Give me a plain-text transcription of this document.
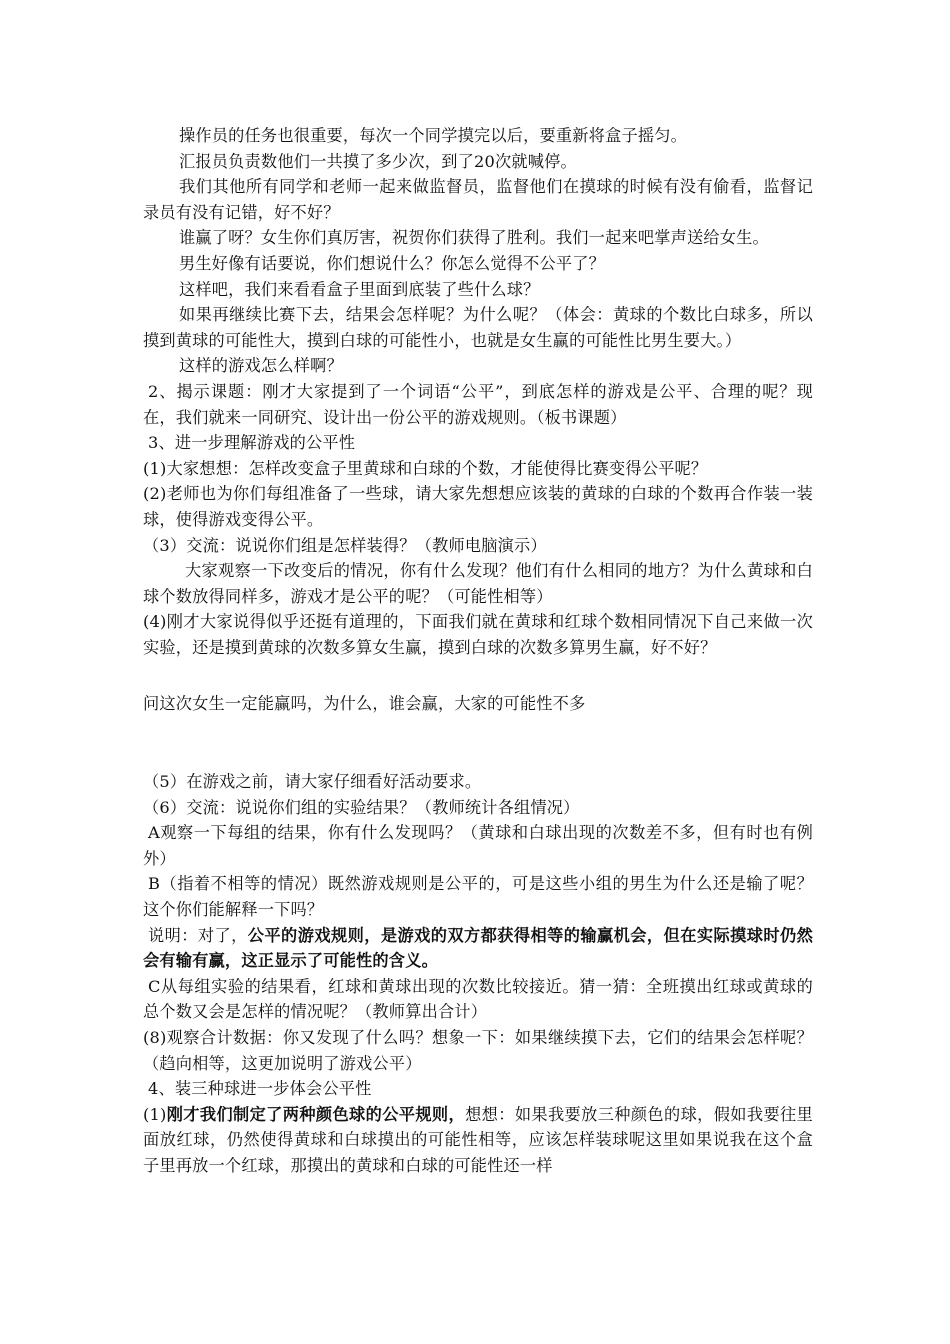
操作员的任务也很重要，每次一个同学摸完以后，要重新将盒子摇匀。

汇报员负责数他们一共摸了多少次，到了20次就喊停。

我们其他所有同学和老师一起来做监督员，监督他们在摸球的时候有没有偷看，监督记录员有没有记错，好不好？

谁赢了呀？女生你们真厉害，祝贺你们获得了胜利。我们一起来吧掌声送给女生。

男生好像有话要说，你们想说什么？你怎么觉得不公平了？

这样吧，我们来看看盒子里面到底装了些什么球？

如果再继续比赛下去，结果会怎样呢？为什么呢？（体会：黄球的个数比白球多，所以摸到黄球的可能性大，摸到白球的可能性小，也就是女生赢的可能性比男生要大。）

这样的游戏怎么样啊？

2、揭示课题：刚才大家提到了一个词语“公平”，到底怎样的游戏是公平、合理的呢？现在，我们就来一同研究、设计出一份公平的游戏规则。（板书课题）

3、进一步理解游戏的公平性

(1)大家想想：怎样改变盒子里黄球和白球的个数，才能使得比赛变得公平呢？

(2)老师也为你们每组准备了一些球，请大家先想想应该装的黄球的白球的个数再合作装一装球，使得游戏变得公平。

（3）交流：说说你们组是怎样装得？（教师电脑演示）

大家观察一下改变后的情况，你有什么发现？他们有什么相同的地方？为什么黄球和白球个数放得同样多，游戏才是公平的呢？（可能性相等）

(4)刚才大家说得似乎还挺有道理的，下面我们就在黄球和红球个数相同情况下自己来做一次实验，还是摸到黄球的次数多算女生赢，摸到白球的次数多算男生赢，好不好？

问这次女生一定能赢吗，为什么，谁会赢，大家的可能性不多

（5）在游戏之前，请大家仔细看好活动要求。

（6）交流：说说你们组的实验结果？（教师统计各组情况）

A观察一下每组的结果，你有什么发现吗？（黄球和白球出现的次数差不多，但有时也有例外）

B（指着不相等的情况）既然游戏规则是公平的，可是这些小组的男生为什么还是输了呢？这个你们能解释一下吗？

说明：对了，公平的游戏规则，是游戏的双方都获得相等的输赢机会，但在实际摸球时仍然会有输有赢，这正显示了可能性的含义。

C从每组实验的结果看，红球和黄球出现的次数比较接近。猜一猜：全班摸出红球或黄球的总个数又会是怎样的情况呢？（教师算出合计）

(8)观察合计数据：你又发现了什么吗？想象一下：如果继续摸下去，它们的结果会怎样呢？（趋向相等，这更加说明了游戏公平）

4、装三种球进一步体会公平性

(1)刚才我们制定了两种颜色球的公平规则，想想：如果我要放三种颜色的球，假如我要往里面放红球，仍然使得黄球和白球摸出的可能性相等，应该怎样装球呢这里如果说我在这个盒子里再放一个红球，那摸出的黄球和白球的可能性还一样
